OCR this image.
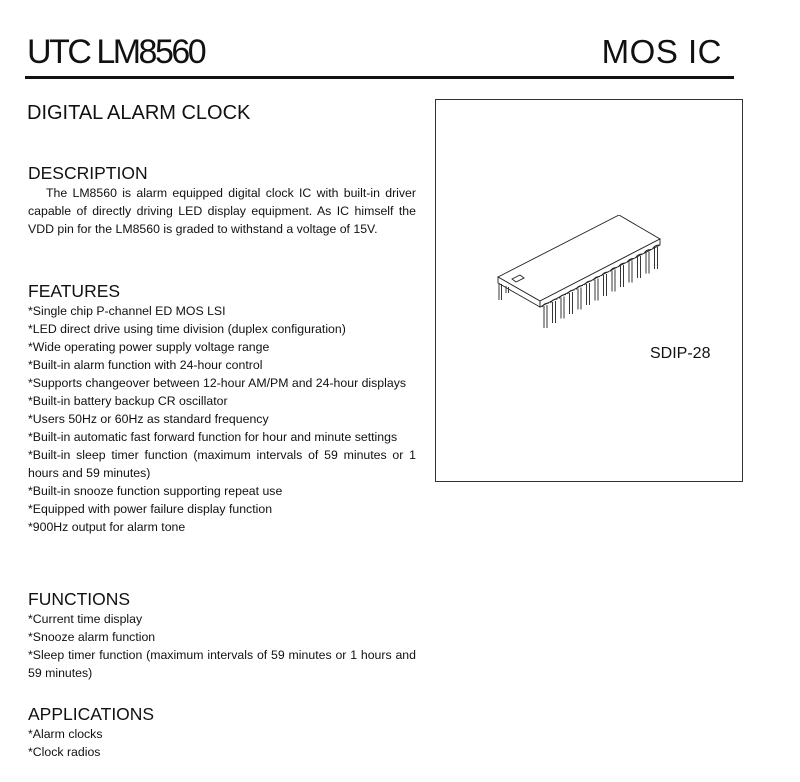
UTC LM8560	MOS IC
DIGITAL ALARM CLOCK
DESCRIPTION

The LM8560 is alarm equipped digital clock IC with built-in driver capable of directly driving LED display equipment. As IC himself the VDD pin for the LM8560 is graded to withstand a voltage of 15V.

FEATURES
*Single chip P-channel ED MOS LSI
*LED direct drive using time division (duplex configuration)
*Wide operating power supply voltage range
*Built-in alarm function with 24-hour control
*Supports changeover between 12-hour AM/PM and 24-hour displays
*Built-in battery backup CR oscillator
*Users 50Hz or 60Hz as standard frequency
*Built-in automatic fast forward function for hour and minute settings
*Built-in sleep timer function (maximum intervals of 59 minutes or 1 hours and 59 minutes)
*Built-in snooze function supporting repeat use
*Equipped with power failure display function
*900Hz output for alarm tone
FUNCTIONS
*Current time display
*Snooze alarm function
*Sleep timer function (maximum intervals of 59 minutes or 1 hours and 59 minutes)
APPLICATIONS
*Alarm clocks
*Clock radios
SDIP-28
